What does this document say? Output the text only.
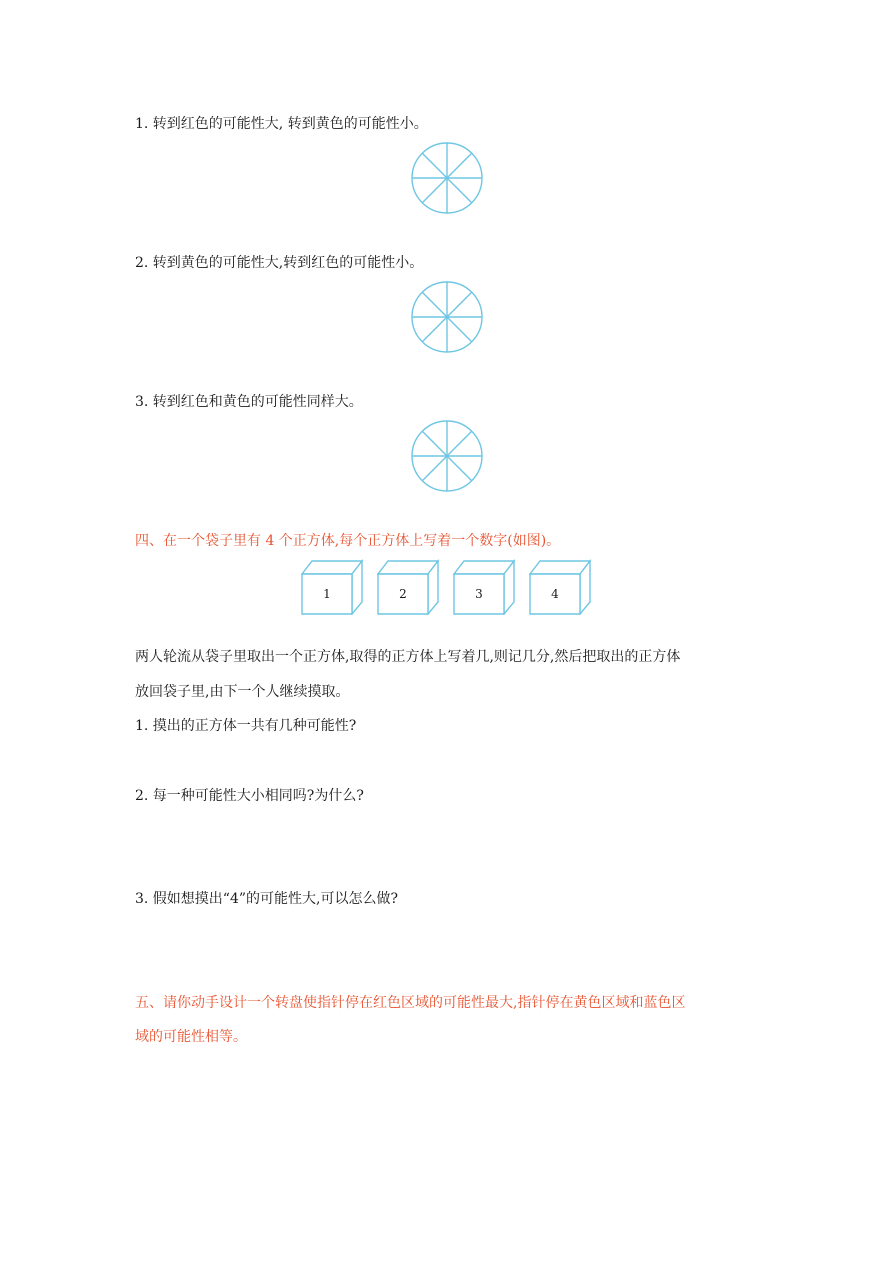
1. 转到红色的可能性大, 转到黄色的可能性小。

2. 转到黄色的可能性大,转到红色的可能性小。

3. 转到红色和黄色的可能性同样大。

四、在一个袋子里有 4 个正方体,每个正方体上写着一个数字(如图)。

1	2	3	4

两人轮流从袋子里取出一个正方体,取得的正方体上写着几,则记几分,然后把取出的正方体

放回袋子里,由下一个人继续摸取。

1. 摸出的正方体一共有几种可能性?

2. 每一种可能性大小相同吗?为什么?

3. 假如想摸出“4”的可能性大,可以怎么做?

五、请你动手设计一个转盘使指针停在红色区域的可能性最大,指针停在黄色区域和蓝色区

域的可能性相等。
